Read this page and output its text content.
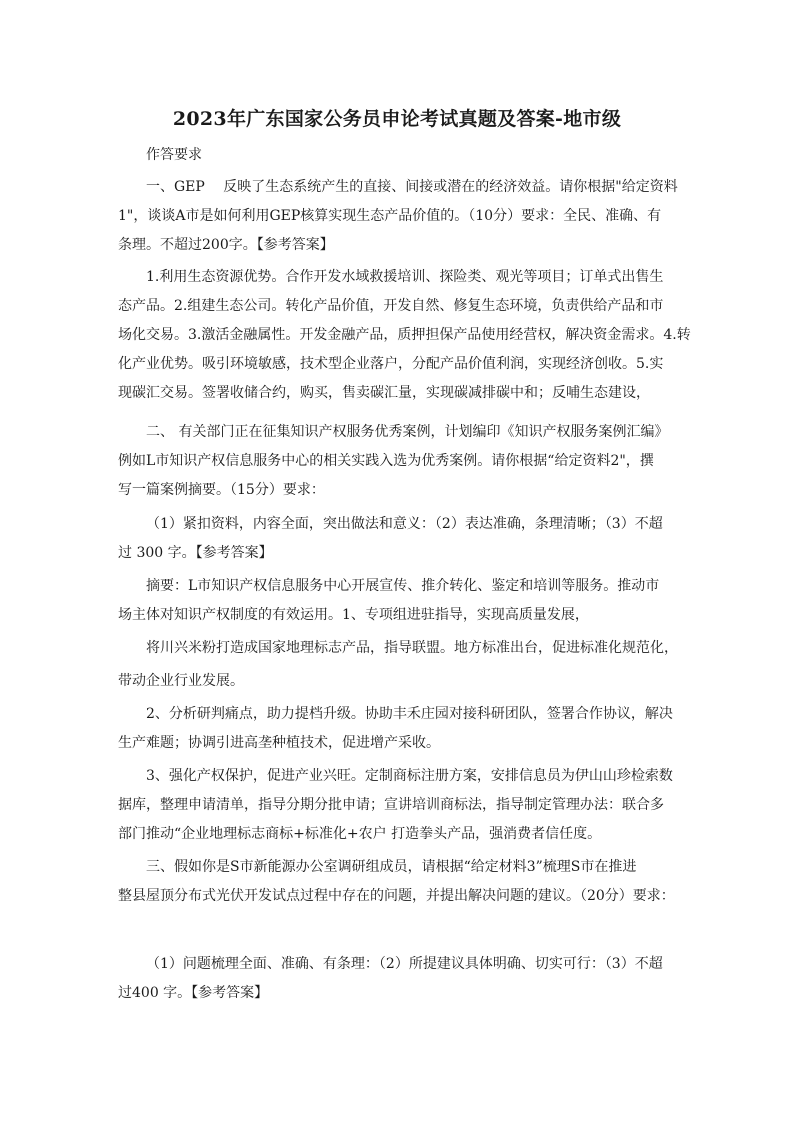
2023年广东国家公务员申论考试真题及答案-地市级
作答要求
一、GEP　 反映了生态系统产生的直接、间接或潜在的经济效益。请你根据"给定资料
1"，谈谈A市是如何利用GEP核算实现生态产品价值的。（10分）要求：全民、准确、有
条理。不超过200字。【参考答案】
1.利用生态资源优势。合作开发水域救援培训、探险类、观光等项目；订单式出售生
态产品。2.组建生态公司。转化产品价值，开发自然、修复生态环境，负责供给产品和市
场化交易。3.激活金融属性。开发金融产品，质押担保产品使用经营权，解决资金需求。4.转
化产业优势。吸引环境敏感，技术型企业落户，分配产品价值利润，实现经济创收。5.实
现碳汇交易。签署收储合约，购买，售卖碳汇量，实现碳减排碳中和；反哺生态建设，
二、 有关部门正在征集知识产权服务优秀案例，计划编印《知识产权服务案例汇编》
例如L市知识产权信息服务中心的相关实践入选为优秀案例。请你根据“给定资料2"，撰
写一篇案例摘要。（15分）要求：
（1）紧扣资料，内容全面，突出做法和意义：（2）表达准确，条理清晰；（3）不超
过 300 字。【参考答案】
摘要：L市知识产权信息服务中心开展宣传、推介转化、鉴定和培训等服务。推动市
场主体对知识产权制度的有效运用。1、专项组进驻指导，实现高质量发展，
将川兴米粉打造成国家地理标志产品，指导联盟。地方标准出台，促进标准化规范化，
带动企业行业发展。
2、分析研判痛点，助力提档升级。协助丰禾庄园对接科研团队，签署合作协议，解决
生产难题；协调引进高垄种植技术，促进增产采收。
3、强化产权保护，促进产业兴旺。定制商标注册方案，安排信息员为伊山山珍检索数
据库，整理申请清单，指导分期分批申请；宣讲培训商标法，指导制定管理办法：联合多
部门推动“企业地理标志商标+标准化+农户 打造拳头产品，强消费者信任度。
三、假如你是S市新能源办公室调研组成员，请根据“给定材料3”梳理S市在推进
整县屋顶分布式光伏开发试点过程中存在的问题，并提出解决问题的建议。（20分）要求：
（1）问题梳理全面、准确、有条理：（2）所提建议具体明确、切实可行：（3）不超
过400 字。【参考答案】
